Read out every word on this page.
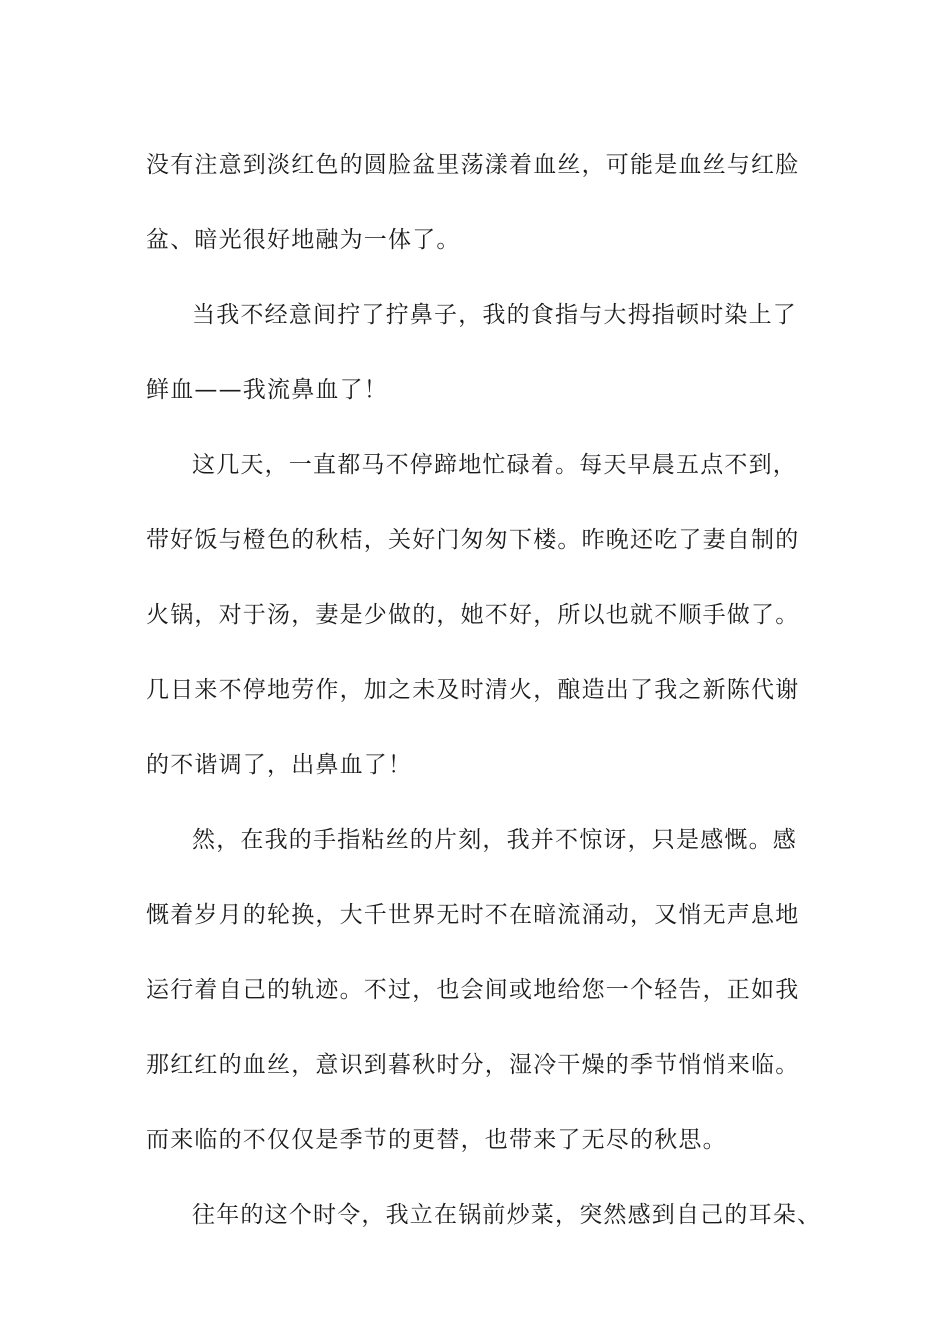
没有注意到淡红色的圆脸盆里荡漾着血丝，可能是血丝与红脸
盆、暗光很好地融为一体了。
当我不经意间拧了拧鼻子，我的食指与大拇指顿时染上了
鲜血——我流鼻血了！
这几天，一直都马不停蹄地忙碌着。每天早晨五点不到，
带好饭与橙色的秋桔，关好门匆匆下楼。昨晚还吃了妻自制的
火锅，对于汤，妻是少做的，她不好，所以也就不顺手做了。
几日来不停地劳作，加之未及时清火，酿造出了我之新陈代谢
的不谐调了，出鼻血了！
然，在我的手指粘丝的片刻，我并不惊讶，只是感慨。感
慨着岁月的轮换，大千世界无时不在暗流涌动，又悄无声息地
运行着自己的轨迹。不过，也会间或地给您一个轻告，正如我
那红红的血丝，意识到暮秋时分，湿冷干燥的季节悄悄来临。
而来临的不仅仅是季节的更替，也带来了无尽的秋思。
往年的这个时令，我立在锅前炒菜，突然感到自己的耳朵、
